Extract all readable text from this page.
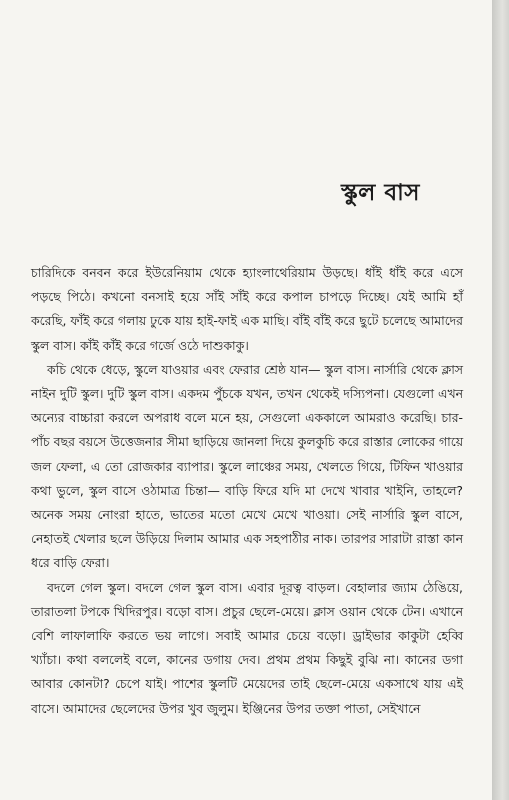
স্কুল বাস

চারিদিকে বনবন করে ইউরেনিয়াম থেকে হ্যাংলাথেরিয়াম উড়ছে। ধাঁই ধাঁই করে এসে পড়ছে পিঠে। কখনো বনসাই হয়ে সাঁই সাঁই করে কপাল চাপড়ে দিচ্ছে। যেই আমি হাঁ করেছি, ফাঁই করে গলায় ঢুকে যায় হাই-ফাই এক মাছি। বাঁই বাঁই করে ছুটে চলেছে আমাদের স্কুল বাস। কাঁই কাঁই করে গর্জে ওঠে দাশুকাকু।

কচি থেকে ধেড়ে, স্কুলে যাওয়ার এবং ফেরার শ্রেষ্ঠ যান— স্কুল বাস। নার্সারি থেকে ক্লাস নাইন দুটি স্কুল। দুটি স্কুল বাস। একদম পুঁচকে যখন, তখন থেকেই দস্যিপনা। যেগুলো এখন অন্যের বাচ্চারা করলে অপরাধ বলে মনে হয়, সেগুলো এককালে আমরাও করেছি। চার-পাঁচ বছর বয়সে উত্তেজনার সীমা ছাড়িয়ে জানলা দিয়ে কুলকুচি করে রাস্তার লোকের গায়ে জল ফেলা, এ তো রোজকার ব্যাপার। স্কুলে লাঞ্চের সময়, খেলতে গিয়ে, টিফিন খাওয়ার কথা ভুলে, স্কুল বাসে ওঠামাত্র চিন্তা— বাড়ি ফিরে যদি মা দেখে খাবার খাইনি, তাহলে? অনেক সময় নোংরা হাতে, ভাতের মতো মেখে মেখে খাওয়া। সেই নার্সারি স্কুল বাসে, নেহাতই খেলার ছলে উড়িয়ে দিলাম আমার এক সহপাঠীর নাক। তারপর সারাটা রাস্তা কান ধরে বাড়ি ফেরা।

বদলে গেল স্কুল। বদলে গেল স্কুল বাস। এবার দূরত্ব বাড়ল। বেহালার জ্যাম ঠেঙিয়ে, তারাতলা টপকে খিদিরপুর। বড়ো বাস। প্রচুর ছেলে-মেয়ে। ক্লাস ওয়ান থেকে টেন। এখানে বেশি লাফালাফি করতে ভয় লাগে। সবাই আমার চেয়ে বড়ো। ড্রাইভার কাকুটা হেব্বি খ্যাঁচা। কথা বললেই বলে, কানের ডগায় দেব। প্রথম প্রথম কিছুই বুঝি না। কানের ডগা আবার কোনটা? চেপে যাই। পাশের স্কুলটি মেয়েদের তাই ছেলে-মেয়ে একসাথে যায় এই বাসে। আমাদের ছেলেদের উপর খুব জুলুম। ইঞ্জিনের উপর তক্তা পাতা, সেইখানে
